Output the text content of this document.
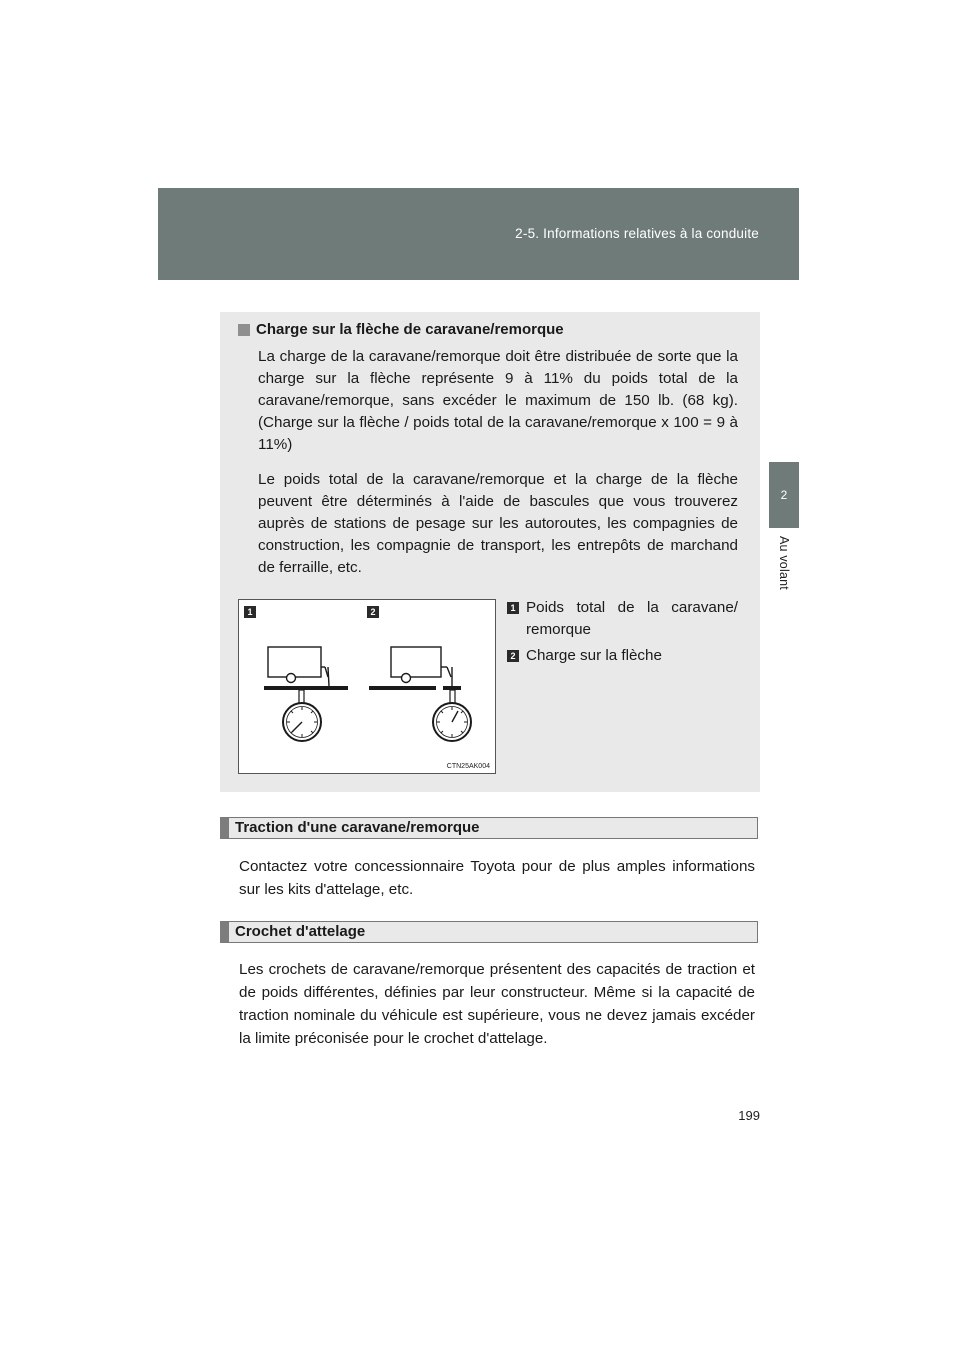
2-5. Informations relatives à la conduite
2
Au volant
Charge sur la flèche de caravane/remorque
La charge de la caravane/remorque doit être distribuée de sorte que la charge sur la flèche représente 9 à 11% du poids total de la caravane/remorque, sans excéder le maximum de 150 lb. (68 kg). (Charge sur la flèche / poids total de la caravane/remorque x 100 = 9 à 11%)
Le poids total de la caravane/remorque et la charge de la flèche peuvent être déterminés à l'aide de bascules que vous trouverez auprès de stations de pesage sur les autoroutes, les compagnies de construction, les compagnie de transport, les entrepôts de marchand de ferraille, etc.
1	2
CTN25AK004
1 Poids total de la caravane/ remorque
2 Charge sur la flèche
Traction d'une caravane/remorque
Contactez votre concessionnaire Toyota pour de plus amples informations sur les kits d'attelage, etc.
Crochet d'attelage
Les crochets de caravane/remorque présentent des capacités de traction et de poids différentes, définies par leur constructeur. Même si la capacité de traction nominale du véhicule est supérieure, vous ne devez jamais excéder la limite préconisée pour le crochet d'attelage.
199
